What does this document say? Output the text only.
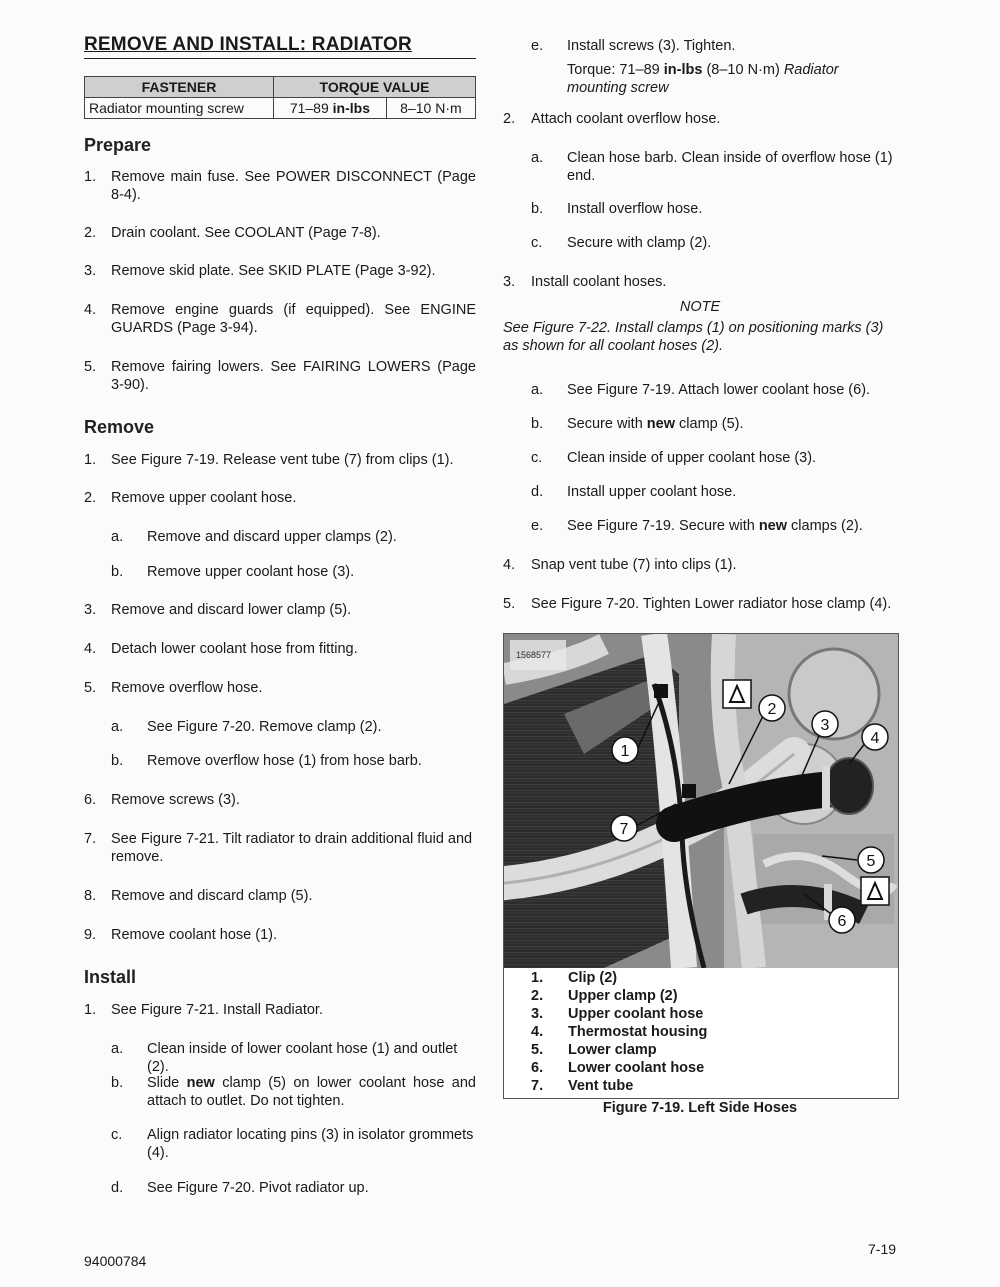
REMOVE AND INSTALL: RADIATOR
FASTENER	TORQUE VALUE	
Radiator mounting screw	71–89 in-lbs	8–10 N·m
Prepare
1. Remove main fuse. See POWER DISCONNECT (Page 8-4).
2. Drain coolant. See COOLANT (Page 7-8).
3. Remove skid plate. See SKID PLATE (Page 3-92).
4. Remove engine guards (if equipped). See ENGINE GUARDS (Page 3-94).
5. Remove fairing lowers. See FAIRING LOWERS (Page 3-90).
Remove
1. See Figure 7-19. Release vent tube (7) from clips (1).
2. Remove upper coolant hose.
a. Remove and discard upper clamps (2).
b. Remove upper coolant hose (3).
3. Remove and discard lower clamp (5).
4. Detach lower coolant hose from fitting.
5. Remove overflow hose.
a. See Figure 7-20. Remove clamp (2).
b. Remove overflow hose (1) from hose barb.
6. Remove screws (3).
7. See Figure 7-21. Tilt radiator to drain additional fluid and remove.
8. Remove and discard clamp (5).
9. Remove coolant hose (1).
Install
1. See Figure 7-21. Install Radiator.
a. Clean inside of lower coolant hose (1) and outlet (2).
b. Slide new clamp (5) on lower coolant hose and attach to outlet. Do not tighten.
c. Align radiator locating pins (3) in isolator grommets (4).
d. See Figure 7-20. Pivot radiator up.
e. Install screws (3). Tighten.
Torque: 71–89 in-lbs (8–10 N·m) Radiator mounting screw
2. Attach coolant overflow hose.
a. Clean hose barb. Clean inside of overflow hose (1) end.
b. Install overflow hose.
c. Secure with clamp (2).
3. Install coolant hoses.
NOTE
See Figure 7-22. Install clamps (1) on positioning marks (3) as shown for all coolant hoses (2).
a. See Figure 7-19. Attach lower coolant hose (6).
b. Secure with new clamp (5).
c. Clean inside of upper coolant hose (3).
d. Install upper coolant hose.
e. See Figure 7-19. Secure with new clamps (2).
4. Snap vent tube (7) into clips (1).
5. See Figure 7-20. Tighten Lower radiator hose clamp (4).
1568577
1
2
3
4
5
6
7
1. Clip (2)
2. Upper clamp (2)
3. Upper coolant hose
4. Thermostat housing
5. Lower clamp
6. Lower coolant hose
7. Vent tube
Figure 7-19. Left Side Hoses
94000784
7-19
